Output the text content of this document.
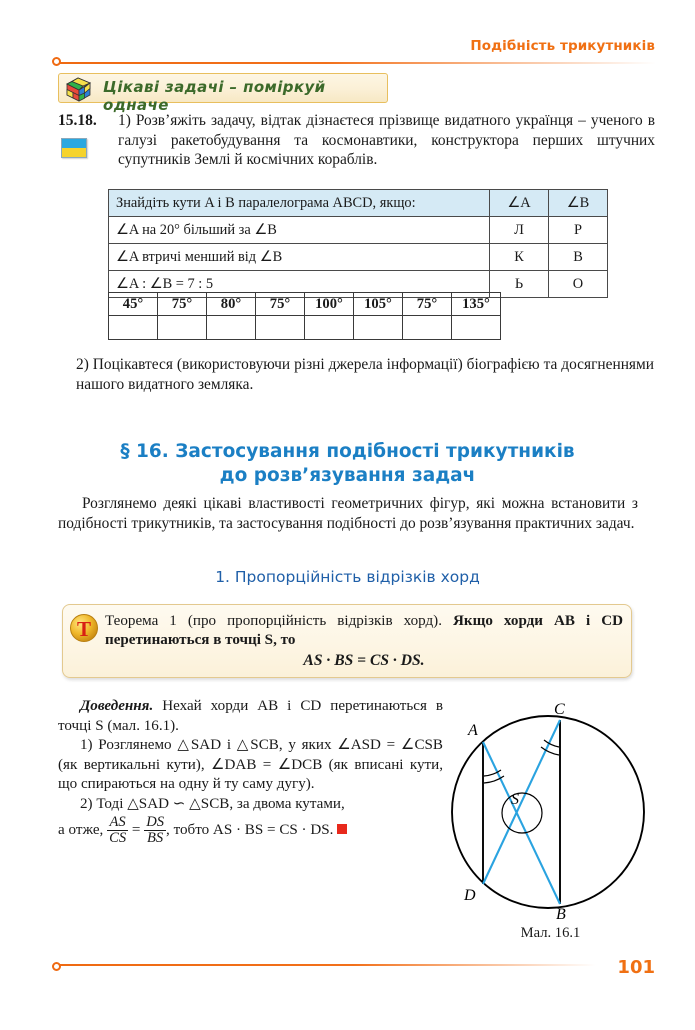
Подібність трикутників
Цікаві задачі – поміркуй одначе
15.18. 1) Розв’яжіть задачу, відтак дізнаєтеся прізвище видатного українця – ученого в галузі ракетобудування та космонавтики, конструктора перших штучних супутників Землі й космічних кораблів.
Знайдіть кути A і B паралелограма ABCD, якщо:	∠A	∠B
∠A на 20° більший за ∠B	Л	Р
∠A втричі менший від ∠B	К	В
∠A : ∠B = 7 : 5	Ь	О
45°	75°	80°	75°	100°	105°	75°	135°

2) Поцікавтеся (використовуючи різні джерела інформації) біографією та досягненнями нашого видатного земляка.
§ 16. Застосування подібності трикутників
до розв’язування задач
Розглянемо деякі цікаві властивості геометричних фігур, які можна встановити з подібності трикутників, та застосування подібності до розв’язування практичних задач.
1. Пропорційність відрізків хорд
T Теорема 1 (про пропорційність відрізків хорд). Якщо хорди AB і CD перетинаються в точці S, то
AS · BS = CS · DS.

Доведення. Нехай хорди AB і CD перетинаються в точці S (мал. 16.1).

1) Розглянемо △SAD і △SCB, у яких ∠ASD = ∠CSB (як вертикальні кути), ∠DAB = ∠DCB (як вписані кути, що спираються на одну й ту саму дугу).

2) Тоді △SAD ∽ △SCB, за двома кутами,

а отже, $\frac{AS}{CS} = \frac{DS}{BS}$ , тобто AS · BS = CS · DS.

A
C
D
B
S
Мал. 16.1
101
